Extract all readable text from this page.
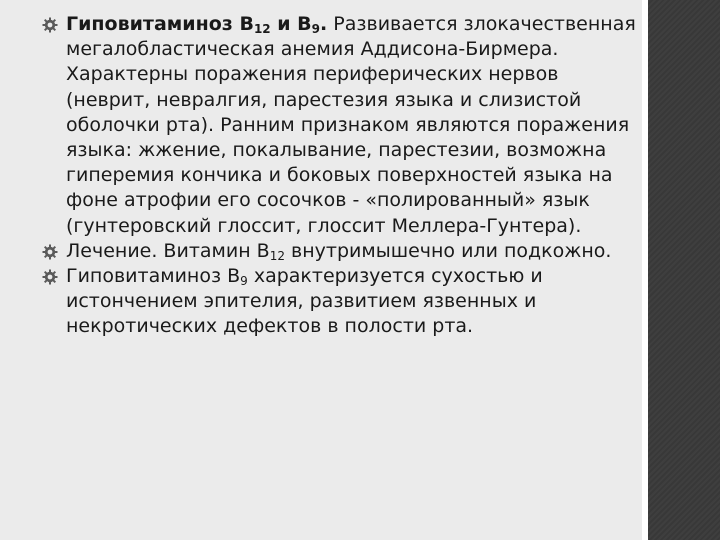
Гиповитаминоз $В_{12}$ и $В_9$. Развивается злокачественная мегалобластическая анемия Аддисона-Бирмера. Характерны поражения периферических нервов (неврит, невралгия, парестезия языка и слизистой оболочки рта). Ранним признаком являются поражения языка: жжение, покалывание, парестезии, возможна гиперемия кончика и боковых поверхностей языка на фоне атрофии его сосочков - «полированный» язык (гунтеровский глоссит, глоссит Меллера-Гунтера).

Лечение. Витамин $В_{12}$ внутримышечно или подкожно.

Гиповитаминоз $В_9$ характеризуется сухостью и истончением эпителия, развитием язвенных и некротических дефектов в полости рта.
